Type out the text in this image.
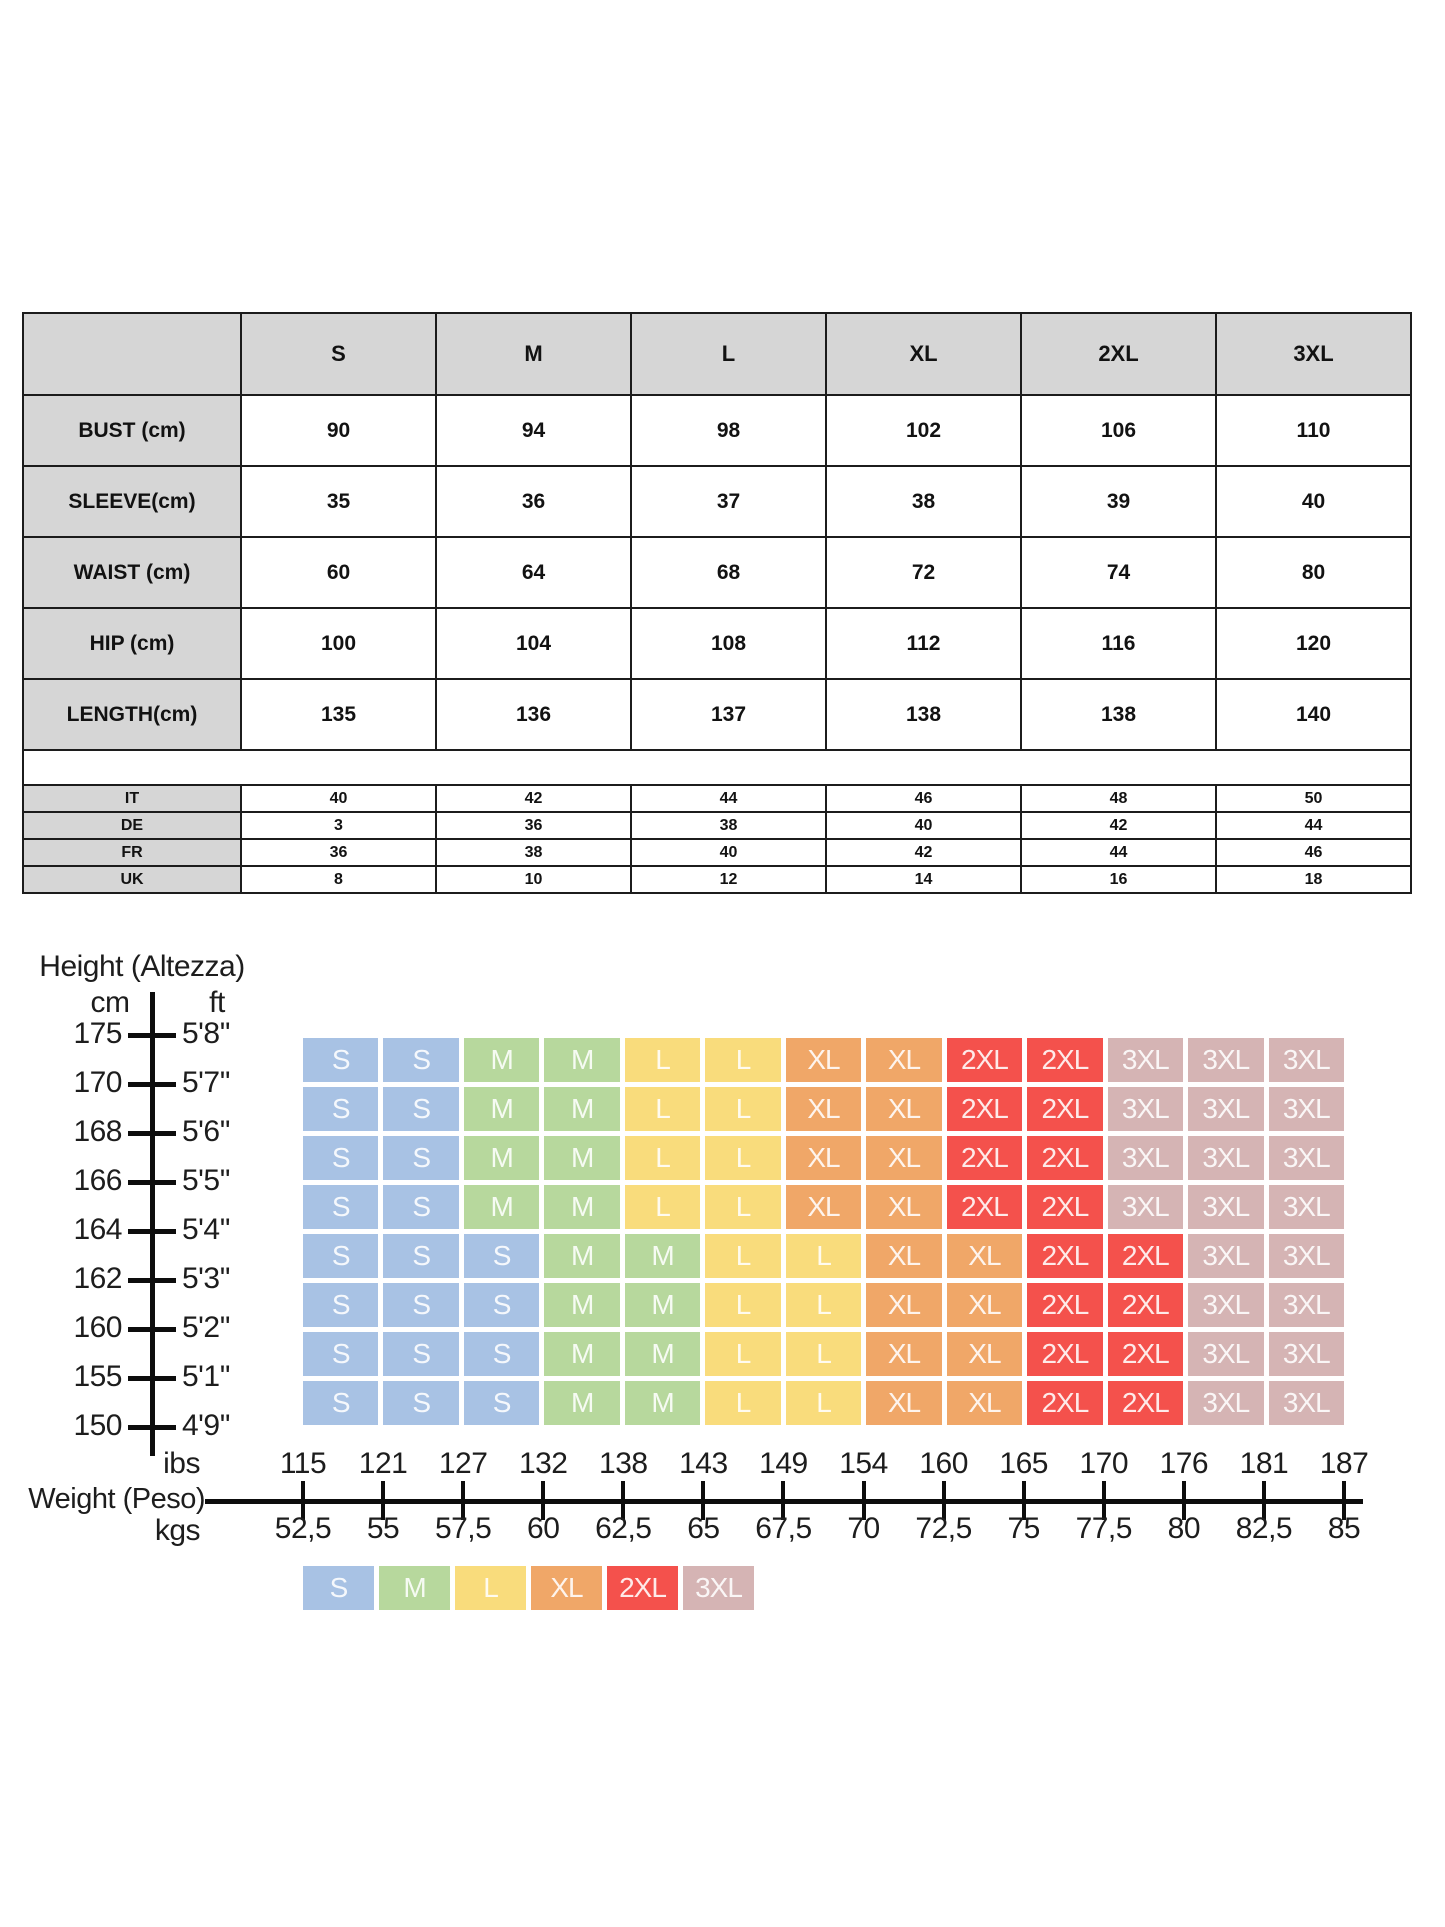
	S	M	L	XL	2XL	3XL
BUST (cm)	90	94	98	102	106	110
SLEEVE(cm)	35	36	37	38	39	40
WAIST (cm)	60	64	68	72	74	80
HIP (cm)	100	104	108	112	116	120
LENGTH(cm)	135	136	137	138	138	140
IT	40	42	44	46	48	50
DE	3	36	38	40	42	44
FR	36	38	40	42	44	46
UK	8	10	12	14	16	18
Height (Altezza)
cm	ft
175 5'8''
170 5'7''
168 5'6''
166 5'5''
164 5'4''
162 5'3''
160 5'2''
155 5'1''
150 4'9''
S	S	M	M	L	L	XL	XL	2XL	2XL	3XL	3XL	3XL
S	S	M	M	L	L	XL	XL	2XL	2XL	3XL	3XL	3XL
S	S	M	M	L	L	XL	XL	2XL	2XL	3XL	3XL	3XL
S	S	M	M	L	L	XL	XL	2XL	2XL	3XL	3XL	3XL
S	S	S	M	M	L	L	XL	XL	2XL	2XL	3XL	3XL
S	S	S	M	M	L	L	XL	XL	2XL	2XL	3XL	3XL
S	S	S	M	M	L	L	XL	XL	2XL	2XL	3XL	3XL
S	S	S	M	M	L	L	XL	XL	2XL	2XL	3XL	3XL
115
52,5
121
55
127
57,5
132
60
138
62,5
143
65
149
67,5
154
70
160
72,5
165
75
170
77,5
176
80
181
82,5
187
85
ibs
kgs
Weight (Peso)
S	M	L	XL	2XL	3XL
